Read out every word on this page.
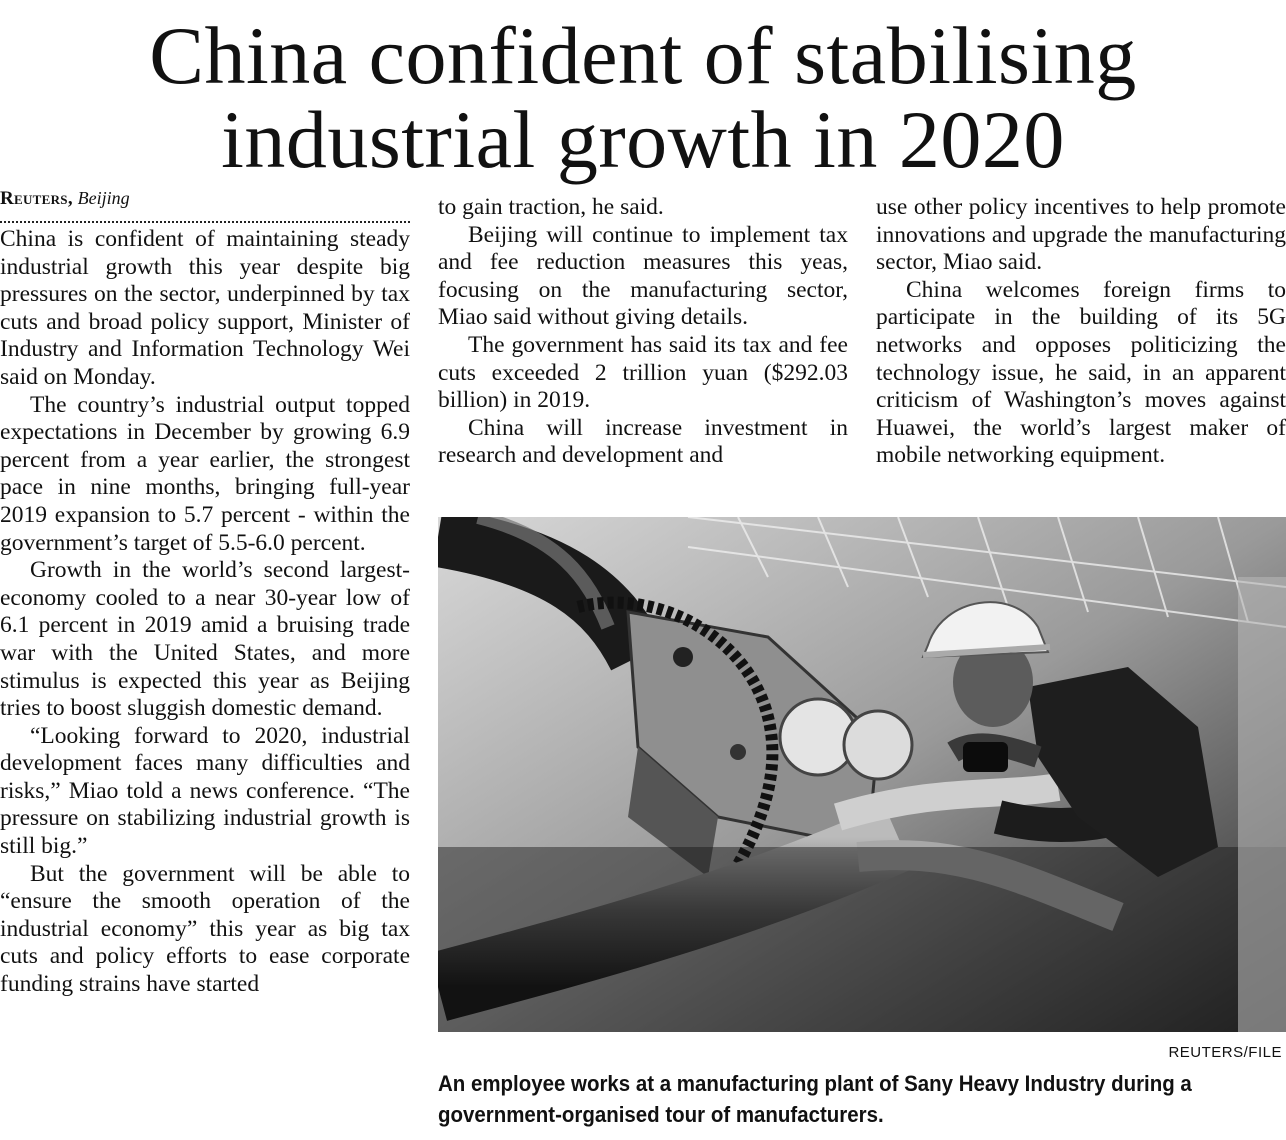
China confident of stabilising
industrial growth in 2020
Reuters, Beijing

China is confident of maintaining steady industrial growth this year despite big pressures on the sector, underpinned by tax cuts and broad policy support, Minister of Industry and Information Technology Wei said on Monday.

The country’s industrial output topped expectations in December by growing 6.9 percent from a year earlier, the strongest pace in nine months, bringing full-year 2019 expansion to 5.7 percent - within the government’s target of 5.5-6.0 percent.

Growth in the world’s second largest-economy cooled to a near 30-year low of 6.1 percent in 2019 amid a bruising trade war with the United States, and more stimulus is expected this year as Beijing tries to boost sluggish domestic demand.

“Looking forward to 2020, industrial development faces many difficulties and risks,” Miao told a news conference. “The pressure on stabilizing industrial growth is still big.”

But the government will be able to “ensure the smooth operation of the industrial economy” this year as big tax cuts and policy efforts to ease corporate funding strains have started

to gain traction, he said.

Beijing will continue to implement tax and fee reduction measures this yeas, focusing on the manufacturing sector, Miao said without giving details.

The government has said its tax and fee cuts exceeded 2 trillion yuan ($292.03 billion) in 2019.

China will increase investment in research and development and

use other policy incentives to help promote innovations and upgrade the manufacturing sector, Miao said.

China welcomes foreign firms to participate in the building of its 5G networks and opposes politicizing the technology issue, he said, in an apparent criticism of Washington’s moves against Huawei, the world’s largest maker of mobile networking equipment.

REUTERS/FILE
An employee works at a manufacturing plant of Sany Heavy Industry during a government-organised tour of manufacturers.
